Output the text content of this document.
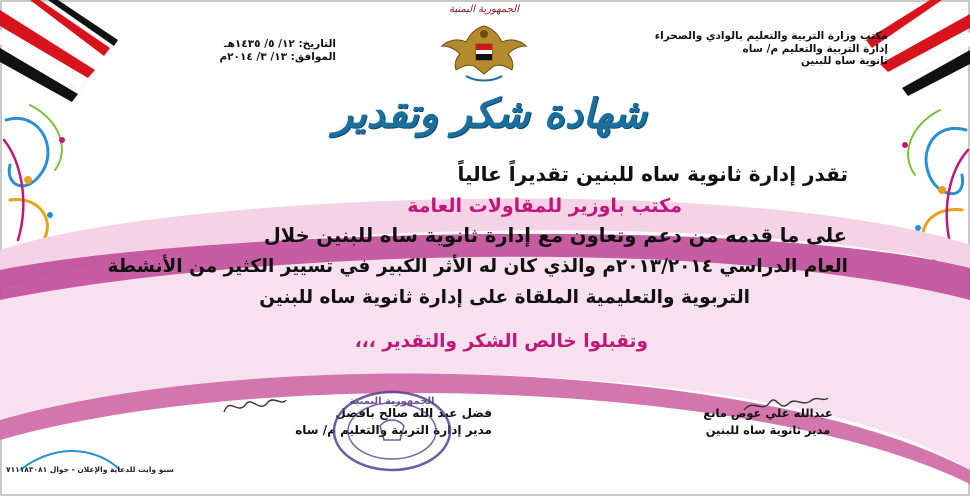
الجمهورية اليمنية
مكتب وزارة التربية والتعليم بالوادي والصحراء
إدارة التربية والتعليم م/ ساه
ثانوية ساه للبنين
التاريخ: ١٢/ ٥/ ١٤٣٥هـ
الموافق: ١٣/ ٣/ ٢٠١٤م
شهادة شكر وتقدير
تقدر إدارة ثانوية ساه للبنين تقديراً عالياً
مكتب باوزير للمقاولات العامة
على ما قدمه من دعم وتعاون مع إدارة ثانوية ساه للبنين خلال
العام الدراسي ٢٠١٣/٢٠١٤م والذي كان له الأثر الكبير في تسيير الكثير من الأنشطة
التربوية والتعليمية الملقاة على إدارة ثانوية ساه للبنين
وتقبلوا خالص الشكر والتقدير ،،،
عبدالله علي عوض مانع
مدير ثانوية ساه للبنين
فضل عبد الله صالح بافضل
مدير إدارة التربية والتعليم م/ ساه
الجمهورية اليمنية
سنو وايت للدعاية والإعلان - جوال ٧١١١٨٣٠٨١
